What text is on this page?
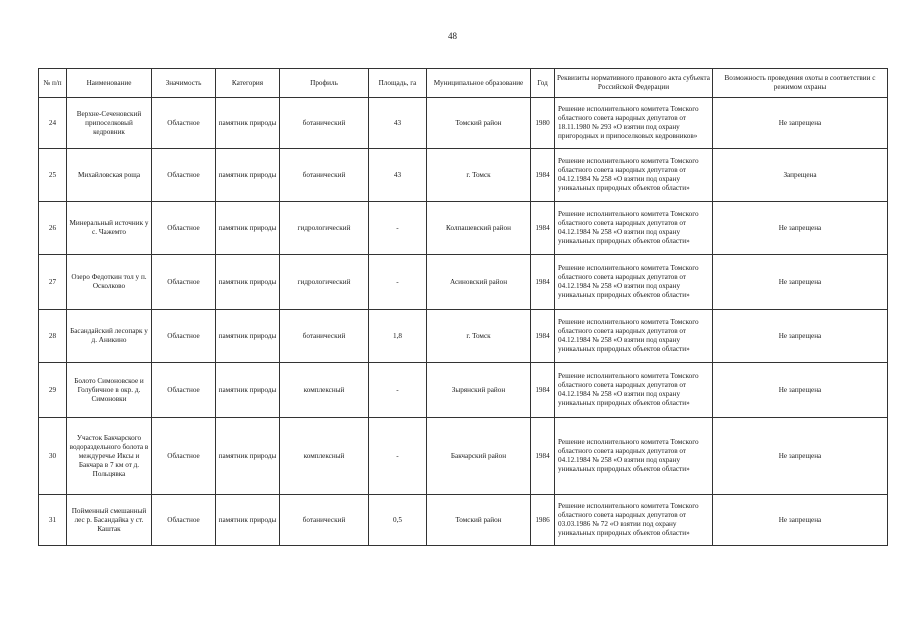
48
№ п/п	Наименование	Значимость	Категория	Профиль	Площадь, га	Муниципальное образование	Год	Реквизиты нормативного правового акта субъекта Российской Федерации	Возможность проведения охоты в соответствии с режимом охраны
24	Верхне-Сеченовский припоселковый кедровник	Областное	памятник природы	ботанический	43	Томский район	1980	Решение исполнительного комитета Томского областного совета народных депутатов от 18.11.1980 № 293 «О взятии под охрану пригородных и припоселковых кедровников»	Не запрещена
25	Михайловская роща	Областное	памятник природы	ботанический	43	г. Томск	1984	Решение исполнительного комитета Томского областного совета народных депутатов от 04.12.1984 № 258 «О взятии под охрану уникальных природных объектов области»	Запрещена
26	Минеральный источник у с. Чажемто	Областное	памятник природы	гидрологический	-	Колпашевский район	1984	Решение исполнительного комитета Томского областного совета народных депутатов от 04.12.1984 № 258 «О взятии под охрану уникальных природных объектов области»	Не запрещена
27	Озеро Федоткин тол у п. Осколково	Областное	памятник природы	гидрологический	-	Асиновский район	1984	Решение исполнительного комитета Томского областного совета народных депутатов от 04.12.1984 № 258 «О взятии под охрану уникальных природных объектов области»	Не запрещена
28	Басандайский лесопарк у д. Аникино	Областное	памятник природы	ботанический	1,8	г. Томск	1984	Решение исполнительного комитета Томского областного совета народных депутатов от 04.12.1984 № 258 «О взятии под охрану уникальных природных объектов области»	Не запрещена
29	Болото Симоновское и Голубичное в окр. д. Симоновки	Областное	памятник природы	комплексный	-	Зырянский район	1984	Решение исполнительного комитета Томского областного совета народных депутатов от 04.12.1984 № 258 «О взятии под охрану уникальных природных объектов области»	Не запрещена
30	Участок Бакчарского водораздельного болота в междуречье Иксы и Бакчара в 7 км от д. Польцявка	Областное	памятник природы	комплексный	-	Бакчарский район	1984	Решение исполнительного комитета Томского областного совета народных депутатов от 04.12.1984 № 258 «О взятии под охрану уникальных природных объектов области»	Не запрещена
31	Пойменный смешанный лес р. Басандайка у ст. Каштак	Областное	памятник природы	ботанический	0,5	Томский район	1986	Решение исполнительного комитета Томского областного совета народных депутатов от 03.03.1986 № 72 «О взятии под охрану уникальных природных объектов области»	Не запрещена
